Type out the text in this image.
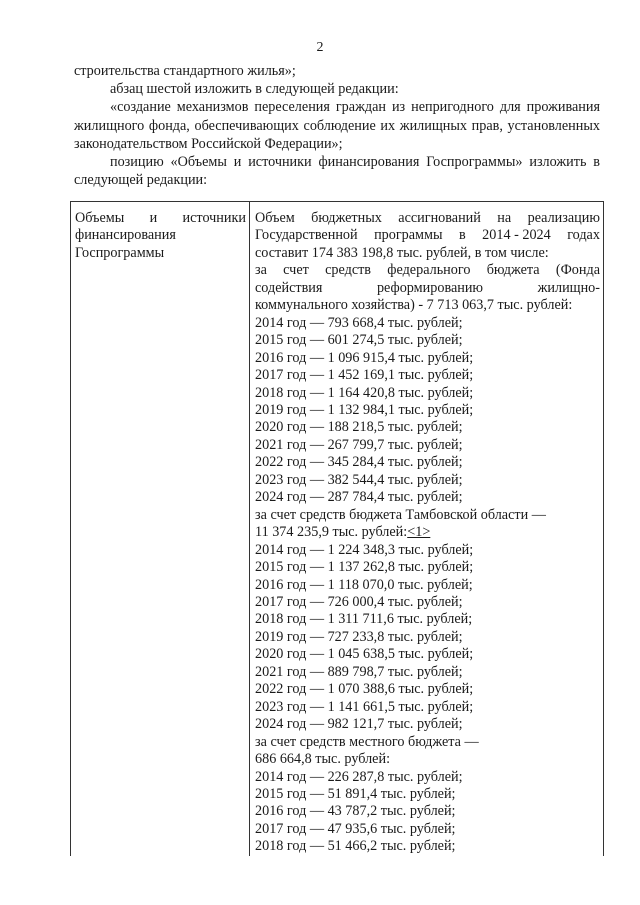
2

строительства стандартного жилья»;

абзац шестой изложить в следующей редакции:

«создание механизмов переселения граждан из непригодного для проживания жилищного фонда, обеспечивающих соблюдение их жилищных прав, установленных законодательством Российской Федерации»;

позицию «Объемы и источники финансирования Госпрограммы» изложить в следующей редакции:

Объемы и источники
финансирования
Госпрограммы
Объем бюджетных ассигнований на реализацию
Государственной программы в 2014 - 2024 годах
составит 174 383 198,8 тыс. рублей, в том числе:
за счет средств федерального бюджета (Фонда
содействия	реформированию	жилищно-
коммунального хозяйства) - 7 713 063,7 тыс. рублей:
2014 год — 793 668,4 тыс. рублей;
2015 год — 601 274,5 тыс. рублей;
2016 год — 1 096 915,4 тыс. рублей;
2017 год — 1 452 169,1 тыс. рублей;
2018 год — 1 164 420,8 тыс. рублей;
2019 год — 1 132 984,1 тыс. рублей;
2020 год — 188 218,5 тыс. рублей;
2021 год — 267 799,7 тыс. рублей;
2022 год — 345 284,4 тыс. рублей;
2023 год — 382 544,4 тыс. рублей;
2024 год — 287 784,4 тыс. рублей;
за счет средств бюджета Тамбовской области —
11 374 235,9 тыс. рублей:<1>
2014 год — 1 224 348,3 тыс. рублей;
2015 год — 1 137 262,8 тыс. рублей;
2016 год — 1 118 070,0 тыс. рублей;
2017 год — 726 000,4 тыс. рублей;
2018 год — 1 311 711,6 тыс. рублей;
2019 год — 727 233,8 тыс. рублей;
2020 год — 1 045 638,5 тыс. рублей;
2021 год — 889 798,7 тыс. рублей;
2022 год — 1 070 388,6 тыс. рублей;
2023 год — 1 141 661,5 тыс. рублей;
2024 год — 982 121,7 тыс. рублей;
за счет средств местного бюджета —
686 664,8 тыс. рублей:
2014 год — 226 287,8 тыс. рублей;
2015 год — 51 891,4 тыс. рублей;
2016 год — 43 787,2 тыс. рублей;
2017 год — 47 935,6 тыс. рублей;
2018 год — 51 466,2 тыс. рублей;
